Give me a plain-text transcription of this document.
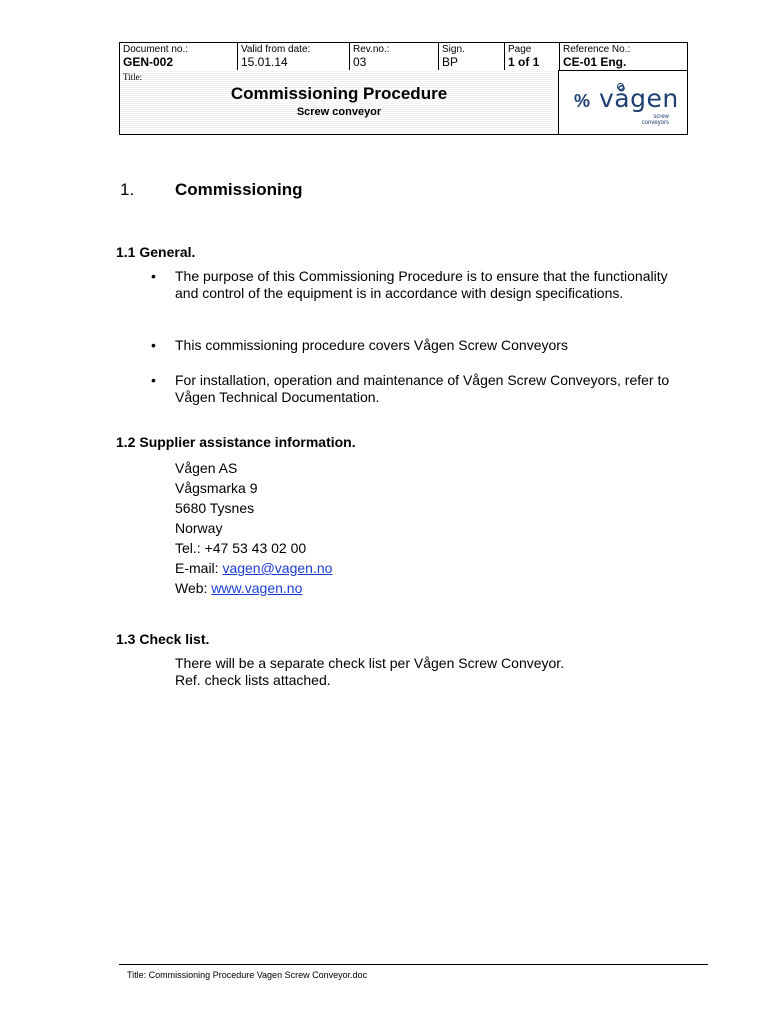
Document no.:
GEN-002
Valid from date:
15.01.14
Rev.no.:
03
Sign.
BP
Page
1 of 1
Reference No.:
CE-01 Eng.
Title:
Commissioning Procedure
Screw conveyor
% vågen
screw
conveyors
1. Commissioning
1.1 General.
• The purpose of this Commissioning Procedure is to ensure that the functionality and control of the equipment is in accordance with design specifications.
• This commissioning procedure covers Vågen Screw Conveyors
• For installation, operation and maintenance of Vågen Screw Conveyors, refer to Vågen Technical Documentation.
1.2 Supplier assistance information.
Vågen AS
Vågsmarka 9
5680 Tysnes
Norway
Tel.: +47 53 43 02 00
E-mail: vagen@vagen.no
Web: www.vagen.no
1.3 Check list.
There will be a separate check list per Vågen Screw Conveyor.
Ref. check lists attached.
Title: Commissioning Procedure Vagen Screw Conveyor.doc
